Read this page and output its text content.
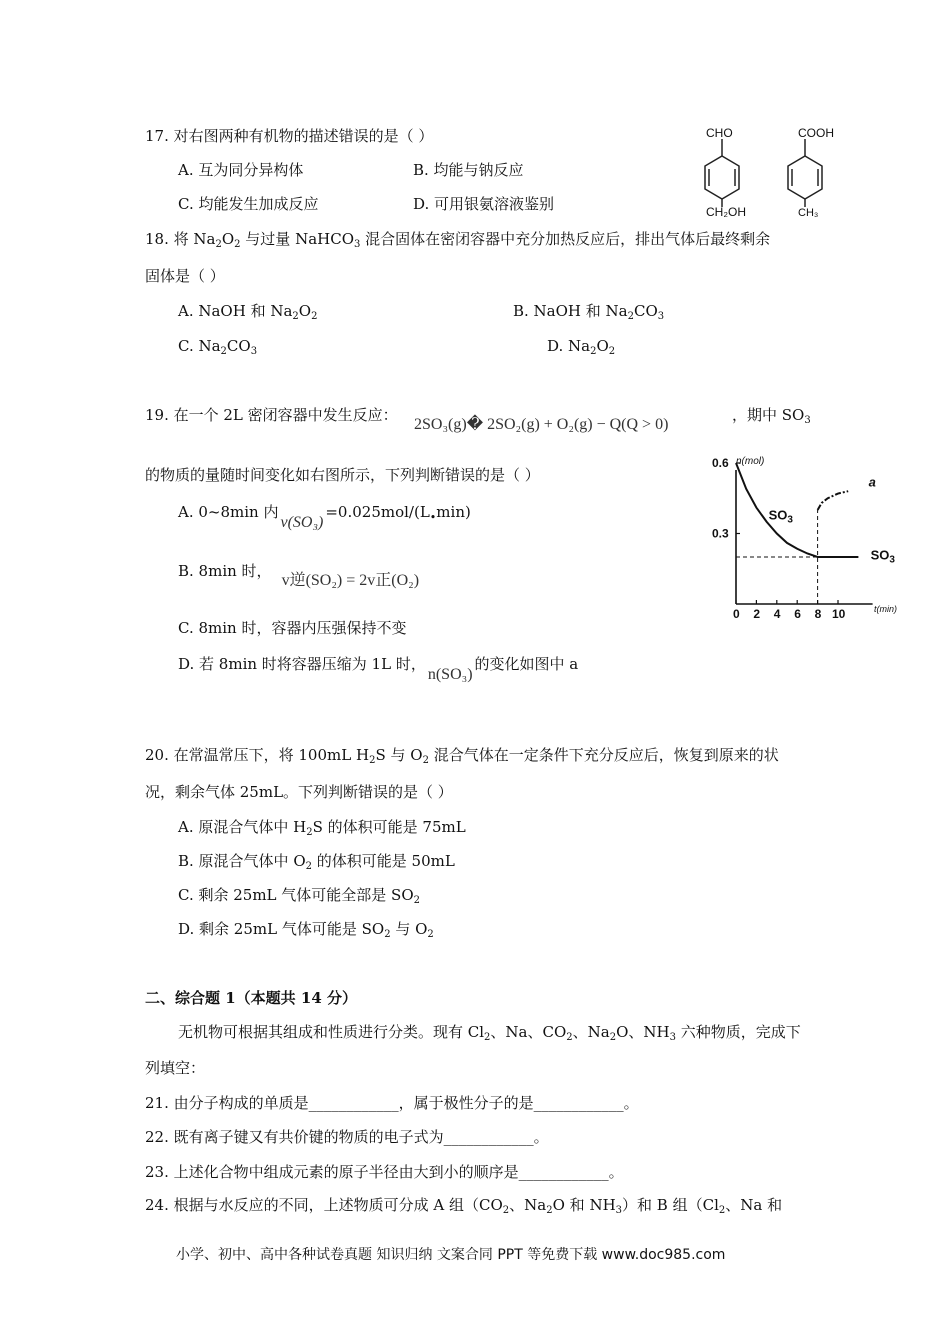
17. 对右图两种有机物的描述错误的是（ ）
A. 互为同分异构体	B. 均能与钠反应
C. 均能发生加成反应	D. 可用银氨溶液鉴别
CHO
CH₂OH
COOH
CH₃
18. 将 $Na_2O_2$ 与过量 NaHCO$_3$ 混合固体在密闭容器中充分加热反应后，排出气体后最终剩余
固体是（ ）
A. NaOH 和 $Na_2O_2$	B. NaOH 和 $Na_2CO_3$
C. $Na_2CO_3$	D. $Na_2O_2$
19. 在一个 2L 密闭容器中发生反应：
2SO₃(g)� 2SO₂(g) + O₂(g) − Q(Q > 0)
，期中 $SO_3$
的物质的量随时间变化如右图所示，下列判断错误的是（ ）
A. 0~8min 内$v(SO_3)=0.025mol/(L_•\min)$
B. 8min 时，v逆(SO₂) = 2v正(O₂)
C. 8min 时，容器内压强保持不变
D. 若 8min 时将容器压缩为 1L 时，n(SO₃)的变化如图中 a
0 2 4 6 8 10
0.6
0.3
$SO_3$
$SO_3$
a
n(mol)
t(min)
20. 在常温常压下，将 100mL $H_2S$ 与 $O_2$ 混合气体在一定条件下充分反应后，恢复到原来的状
况，剩余气体 25mL。下列判断错误的是（ ）
A. 原混合气体中 $H_2S$ 的体积可能是 75mL
B. 原混合气体中 $O_2$ 的体积可能是 50mL
C. 剩余 25mL 气体可能全部是 $SO_2$
D. 剩余 25mL 气体可能是 $SO_2$ 与 $O_2$
二、综合题 1（本题共 14 分）
无机物可根据其组成和性质进行分类。现有 $Cl_2$、Na、$CO_2$、$Na_2O$、$NH_3$ 六种物质，完成下
列填空：
21. 由分子构成的单质是____________，属于极性分子的是____________。
22. 既有离子键又有共价键的物质的电子式为____________。
23. 上述化合物中组成元素的原子半径由大到小的顺序是____________。
24. 根据与水反应的不同，上述物质可分成 A 组（$CO_2$、$Na_2O$ 和 $NH_3$）和 B 组（$Cl_2$、Na 和
小学、初中、高中各种试卷真题 知识归纳 文案合同 PPT 等免费下载 www.doc985.com
